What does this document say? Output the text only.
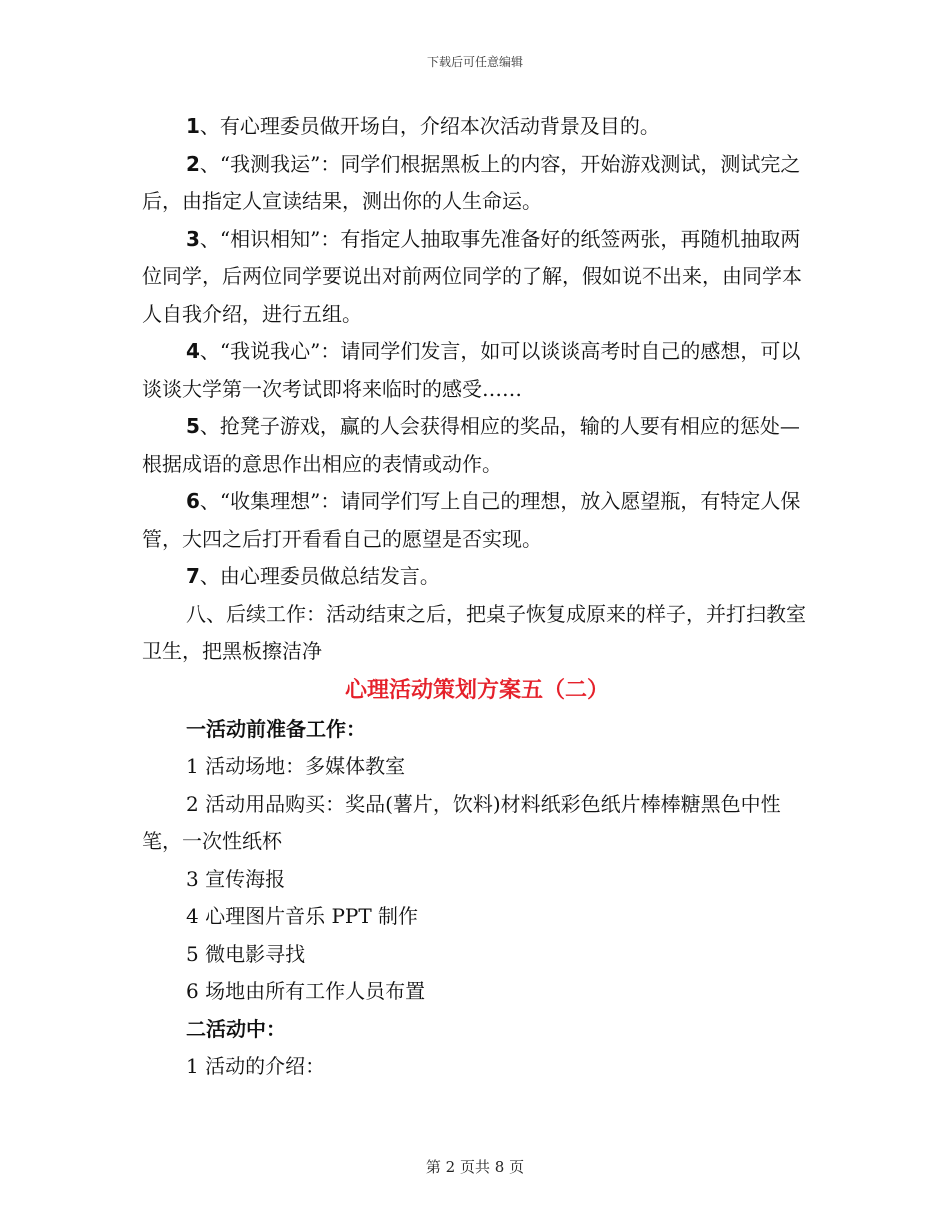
下载后可任意编辑

1、有心理委员做开场白，介绍本次活动背景及目的。

2、“我测我运”：同学们根据黑板上的内容，开始游戏测试，测试完之后，由指定人宣读结果，测出你的人生命运。

3、“相识相知”：有指定人抽取事先准备好的纸签两张，再随机抽取两位同学，后两位同学要说出对前两位同学的了解，假如说不出来，由同学本人自我介绍，进行五组。

4、“我说我心”：请同学们发言，如可以谈谈高考时自己的感想，可以谈谈大学第一次考试即将来临时的感受……

5、抢凳子游戏，赢的人会获得相应的奖品，输的人要有相应的惩处—根据成语的意思作出相应的表情或动作。

6、“收集理想”：请同学们写上自己的理想，放入愿望瓶，有特定人保管，大四之后打开看看自己的愿望是否实现。

7、由心理委员做总结发言。

八、后续工作：活动结束之后，把桌子恢复成原来的样子，并打扫教室卫生，把黑板擦洁净

心理活动策划方案五（二）

一活动前准备工作：

1 活动场地：多媒体教室

2 活动用品购买：奖品(薯片，饮料)材料纸彩色纸片棒棒糖黑色中性笔，一次性纸杯

3 宣传海报

4 心理图片音乐 PPT 制作

5 微电影寻找

6 场地由所有工作人员布置

二活动中：

1 活动的介绍：

第 2 页共 8 页
